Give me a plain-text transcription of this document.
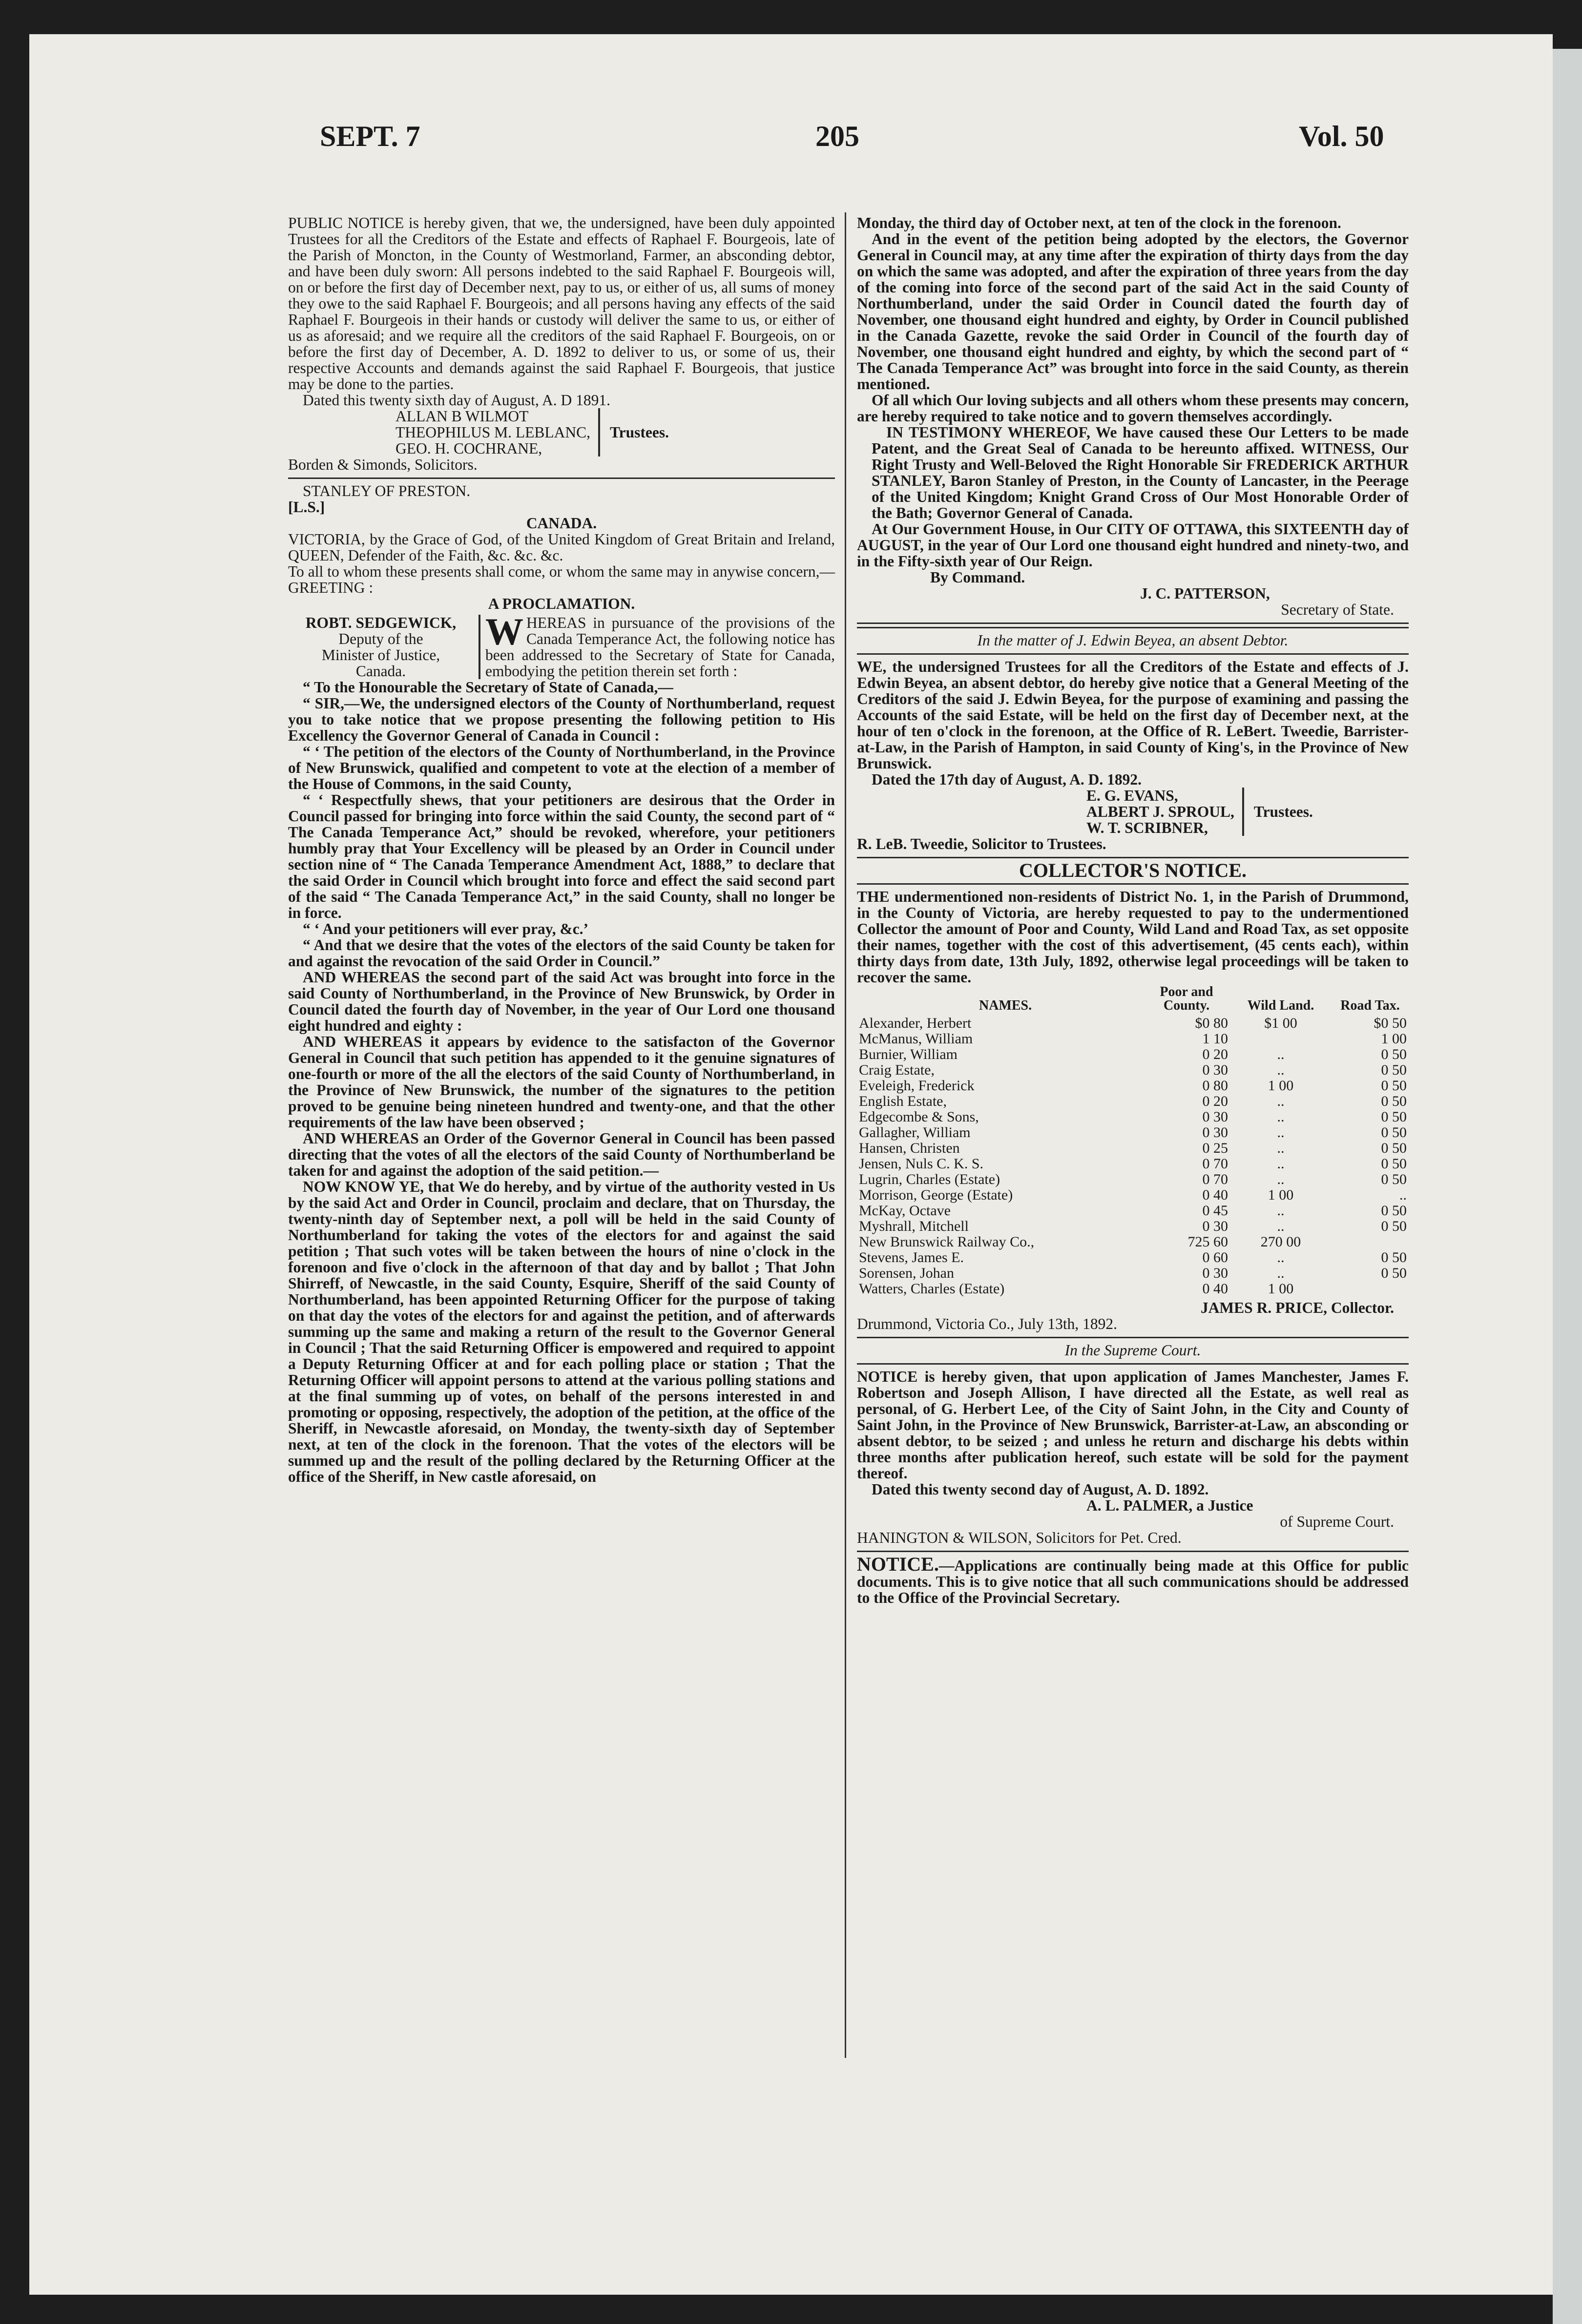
SEPT. 7	205	Vol. 50

PUBLIC NOTICE is hereby given, that we, the undersigned, have been duly appointed Trustees for all the Creditors of the Estate and effects of Raphael F. Bourgeois, late of the Parish of Moncton, in the County of Westmorland, Farmer, an absconding debtor, and have been duly sworn: All persons indebted to the said Raphael F. Bourgeois will, on or before the first day of December next, pay to us, or either of us, all sums of money they owe to the said Raphael F. Bourgeois; and all persons having any effects of the said Raphael F. Bourgeois in their hands or custody will deliver the same to us, or either of us as aforesaid; and we require all the creditors of the said Raphael F. Bourgeois, on or before the first day of December, A. D. 1892 to deliver to us, or some of us, their respective Accounts and demands against the said Raphael F. Bourgeois, that justice may be done to the parties.

Dated this twenty sixth day of August, A. D 1891.

ALLAN B WILMOT
THEOPHILUS M. LEBLANC,
GEO. H. COCHRANE,
Trustees.

Borden & Simonds, Solicitors.

STANLEY OF PRESTON.

[L.S.]

CANADA.

VICTORIA, by the Grace of God, of the United Kingdom of Great Britain and Ireland, QUEEN, Defender of the Faith, &c. &c. &c.

To all to whom these presents shall come, or whom the same may in anywise concern,—GREETING :

A PROCLAMATION.

ROBT. SEDGEWICK,
Deputy of the
Minister of Justice,
Canada.
WHEREAS in pursuance of the provisions of the Canada Temperance Act, the following notice has been addressed to the Secretary of State for Canada, embodying the petition therein set forth :

“ To the Honourable the Secretary of State of Canada,—

“ SIR,—We, the undersigned electors of the County of Northumberland, request you to take notice that we propose presenting the following petition to His Excellency the Governor General of Canada in Council :

“ ‘ The petition of the electors of the County of Northumberland, in the Province of New Brunswick, qualified and competent to vote at the election of a member of the House of Commons, in the said County,

“ ‘ Respectfully shews, that your petitioners are desirous that the Order in Council passed for bringing into force within the said County, the second part of “ The Canada Temperance Act,” should be revoked, wherefore, your petitioners humbly pray that Your Excellency will be pleased by an Order in Council under section nine of “ The Canada Temperance Amendment Act, 1888,” to declare that the said Order in Council which brought into force and effect the said second part of the said “ The Canada Temperance Act,” in the said County, shall no longer be in force.

“ ‘ And your petitioners will ever pray, &c.’

“ And that we desire that the votes of the electors of the said County be taken for and against the revocation of the said Order in Council.”

AND WHEREAS the second part of the said Act was brought into force in the said County of Northumberland, in the Province of New Brunswick, by Order in Council dated the fourth day of November, in the year of Our Lord one thousand eight hundred and eighty :

AND WHEREAS it appears by evidence to the satisfacton of the Governor General in Council that such petition has appended to it the genuine signatures of one-fourth or more of the all the electors of the said County of Northumberland, in the Province of New Brunswick, the number of the signatures to the petition proved to be genuine being nineteen hundred and twenty-one, and that the other requirements of the law have been observed ;

AND WHEREAS an Order of the Governor General in Council has been passed directing that the votes of all the electors of the said County of Northumberland be taken for and against the adoption of the said petition.—

NOW KNOW YE, that We do hereby, and by virtue of the authority vested in Us by the said Act and Order in Council, proclaim and declare, that on Thursday, the twenty-ninth day of September next, a poll will be held in the said County of Northumberland for taking the votes of the electors for and against the said petition ; That such votes will be taken between the hours of nine o'clock in the forenoon and five o'clock in the afternoon of that day and by ballot ; That John Shirreff, of Newcastle, in the said County, Esquire, Sheriff of the said County of Northumberland, has been appointed Returning Officer for the purpose of taking on that day the votes of the electors for and against the petition, and of afterwards summing up the same and making a return of the result to the Governor General in Council ; That the said Returning Officer is empowered and required to appoint a Deputy Returning Officer at and for each polling place or station ; That the Returning Officer will appoint persons to attend at the various polling stations and at the final summing up of votes, on behalf of the persons interested in and promoting or opposing, respectively, the adoption of the petition, at the office of the Sheriff, in Newcastle aforesaid, on Monday, the twenty-sixth day of September next, at ten of the clock in the forenoon. That the votes of the electors will be summed up and the result of the polling declared by the Returning Officer at the office of the Sheriff, in New castle aforesaid, on

Monday, the third day of October next, at ten of the clock in the forenoon.

And in the event of the petition being adopted by the electors, the Governor General in Council may, at any time after the expiration of thirty days from the day on which the same was adopted, and after the expiration of three years from the day of the coming into force of the second part of the said Act in the said County of Northumberland, under the said Order in Council dated the fourth day of November, one thousand eight hundred and eighty, by Order in Council published in the Canada Gazette, revoke the said Order in Council of the fourth day of November, one thousand eight hundred and eighty, by which the second part of “ The Canada Temperance Act” was brought into force in the said County, as therein mentioned.

Of all which Our loving subjects and all others whom these presents may concern, are hereby required to take notice and to govern themselves accordingly.

IN TESTIMONY WHEREOF, We have caused these Our Letters to be made Patent, and the Great Seal of Canada to be hereunto affixed. WITNESS, Our Right Trusty and Well-Beloved the Right Honorable Sir FREDERICK ARTHUR STANLEY, Baron Stanley of Preston, in the County of Lancaster, in the Peerage of the United Kingdom; Knight Grand Cross of Our Most Honorable Order of the Bath; Governor General of Canada.

At Our Government House, in Our CITY OF OTTAWA, this SIXTEENTH day of AUGUST, in the year of Our Lord one thousand eight hundred and ninety-two, and in the Fifty-sixth year of Our Reign.

By Command.

J. C. PATTERSON,

Secretary of State.

In the matter of J. Edwin Beyea, an absent Debtor.

WE, the undersigned Trustees for all the Creditors of the Estate and effects of J. Edwin Beyea, an absent debtor, do hereby give notice that a General Meeting of the Creditors of the said J. Edwin Beyea, for the purpose of examining and passing the Accounts of the said Estate, will be held on the first day of December next, at the hour of ten o'clock in the forenoon, at the Office of R. LeBert. Tweedie, Barrister-at-Law, in the Parish of Hampton, in said County of King's, in the Province of New Brunswick.

Dated the 17th day of August, A. D. 1892.

E. G. EVANS,
ALBERT J. SPROUL,
W. T. SCRIBNER,
Trustees.

R. LeB. Tweedie, Solicitor to Trustees.

COLLECTOR'S NOTICE.

THE undermentioned non-residents of District No. 1, in the Parish of Drummond, in the County of Victoria, are hereby requested to pay to the undermentioned Collector the amount of Poor and County, Wild Land and Road Tax, as set opposite their names, together with the cost of this advertisement, (45 cents each), within thirty days from date, 13th July, 1892, otherwise legal proceedings will be taken to recover the same.

NAMES.	Poor and County.	Wild Land.	Road Tax.
Alexander, Herbert	$0 80	$1 00	$0 50
McManus, William	1 10		1 00
Burnier, William	0 20	..	0 50
Craig Estate,	0 30	..	0 50
Eveleigh, Frederick	0 80	1 00	0 50
English Estate,	0 20	..	0 50
Edgecombe & Sons,	0 30	..	0 50
Gallagher, William	0 30	..	0 50
Hansen, Christen	0 25	..	0 50
Jensen, Nuls C. K. S.	0 70	..	0 50
Lugrin, Charles (Estate)	0 70	..	0 50
Morrison, George (Estate)	0 40	1 00	..
McKay, Octave	0 45	..	0 50
Myshrall, Mitchell	0 30	..	0 50
New Brunswick Railway Co.,	725 60	270 00	
Stevens, James E.	0 60	..	0 50
Sorensen, Johan	0 30	..	0 50
Watters, Charles (Estate)	0 40	1 00	

JAMES R. PRICE, Collector.

Drummond, Victoria Co., July 13th, 1892.

In the Supreme Court.

NOTICE is hereby given, that upon application of James Manchester, James F. Robertson and Joseph Allison, I have directed all the Estate, as well real as personal, of G. Herbert Lee, of the City of Saint John, in the City and County of Saint John, in the Province of New Brunswick, Barrister-at-Law, an absconding or absent debtor, to be seized ; and unless he return and discharge his debts within three months after publication hereof, such estate will be sold for the payment thereof.

Dated this twenty second day of August, A. D. 1892.

A. L. PALMER, a Justice

of Supreme Court.

HANINGTON & WILSON, Solicitors for Pet. Cred.

NOTICE.—Applications are continually being made at this Office for public documents. This is to give notice that all such communications should be addressed to the Office of the Provincial Secretary.
